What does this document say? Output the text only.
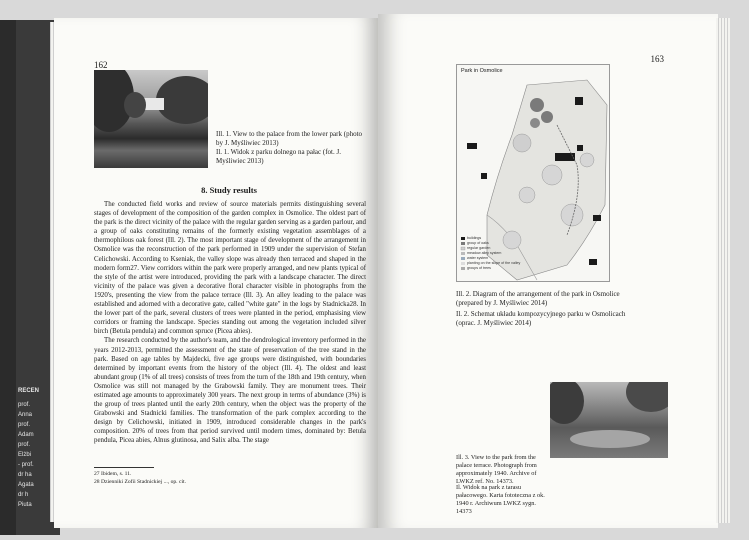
RECEN
prof.
Anna
prof.
Adam
prof.
Elżbi
- prof.
dr ha
Agata
dr h
Piuta
162
Ill. 1. View to the palace from the lower park (photo by J. Myśliwiec 2013)
Il. 1. Widok z parku dolnego na pałac (fot. J. Myśliwiec 2013)
8. Study results

The conducted field works and review of source materials permits distinguishing several stages of development of the composition of the garden complex in Osmolice. The oldest part of the park is the direct vicinity of the palace with the regular garden serving as a garden parlour, and a group of oaks constituting remains of the formerly existing vegetation assemblages of a thermophilous oak forest (Ill. 2). The most important stage of development of the arrangement in Osmolice was the reconstruction of the park performed in 1909 under the supervision of Stefan Celichowski. According to Kseniak, the valley slope was already then terraced and shaped in the modern form27. View corridors within the park were properly arranged, and new plants typical of the style of the artist were introduced, providing the park with a landscape character. The direct vicinity of the palace was given a decorative floral character visible in photographs from the 1920's, presenting the view from the palace terrace (Ill. 3). An alley leading to the palace was established and adorned with a decorative gate, called "white gate" in the logs by Stadnicka28. In the lower part of the park, several clusters of trees were planted in the period, emphasising view corridors or framing the landscape. Species standing out among the vegetation included silver birch (Betula pendula) and common spruce (Picea abies).

The research conducted by the author's team, and the dendrological inventory performed in the years 2012-2013, permitted the assessment of the state of preservation of the tree stand in the park. Based on age tables by Majdecki, five age groups were distinguished, with boundaries determined by important events from the history of the object (Ill. 4). The oldest and least abundant group (1% of all trees) consists of trees from the turn of the 18th and 19th century, when Osmolice was still not managed by the Grabowski family. They are monument trees. Their estimated age amounts to approximately 300 years. The next group in terms of abundance (3%) is the group of trees planted until the early 20th century, when the object was the property of the Grabowski and Stadnicki families. The transformation of the park complex according to the design by Celichowski, initiated in 1909, introduced considerable changes in the park's composition. 20% of trees from that period survived until modern times, dominated by: Betula pendula, Picea abies, Alnus glutinosa, and Salix alba. The stage

27 Ibidem, s. 11.
28 Dzienniki Zofii Stadnickiej ..., op. cit.
163
Park in Osmolice
buildings
group of oaks
regular garden
meadow alley system
water system
planting on the slope of the valley
groups of trees
Ill. 2. Diagram of the arrangement of the park in Osmolice (prepared by J. Myśliwiec 2014)
Il. 2. Schemat układu kompozycyjnego parku w Osmolicach (oprac. J. Myśliwiec 2014)
Ill. 3. View to the park from the palace terrace. Photograph from approximately 1940. Archive of LWKZ ref. No. 14373.
Il. Widok na park z tarasu pałacowego. Karta fototeczna z ok. 1940 r. Archiwum LWKZ sygn. 14373
